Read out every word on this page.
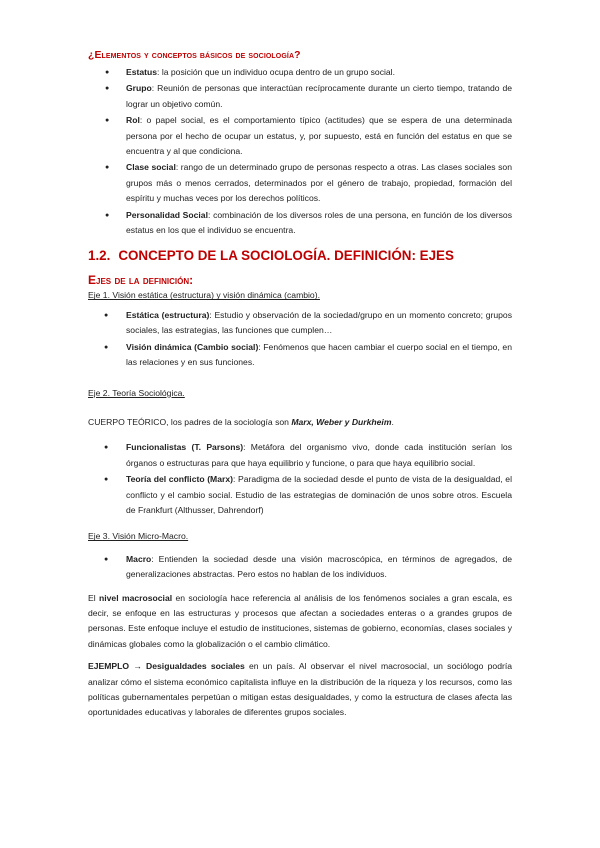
¿Elementos y conceptos básicos de sociología?
● Estatus: la posición que un individuo ocupa dentro de un grupo social.
● Grupo: Reunión de personas que interactúan recíprocamente durante un cierto tiempo, tratando de lograr un objetivo común.
● Rol: o papel social, es el comportamiento típico (actitudes) que se espera de una determinada persona por el hecho de ocupar un estatus, y, por supuesto, está en función del estatus en que se encuentra y al que condiciona.
● Clase social: rango de un determinado grupo de personas respecto a otras. Las clases sociales son grupos más o menos cerrados, determinados por el género de trabajo, propiedad, formación del espíritu y muchas veces por los derechos políticos.
● Personalidad Social: combinación de los diversos roles de una persona, en función de los diversos estatus en los que el individuo se encuentra.
1.2. CONCEPTO DE LA SOCIOLOGÍA. DEFINICIÓN: EJES
Ejes de la definición:

Eje 1. Visión estática (estructura) y visión dinámica (cambio).

● Estática (estructura): Estudio y observación de la sociedad/grupo en un momento concreto; grupos sociales, las estrategias, las funciones que cumplen…
● Visión dinámica (Cambio social): Fenómenos que hacen cambiar el cuerpo social en el tiempo, en las relaciones y en sus funciones.

Eje 2. Teoría Sociológica.

CUERPO TEÓRICO, los padres de la sociología son Marx, Weber y Durkheim.

● Funcionalistas (T. Parsons): Metáfora del organismo vivo, donde cada institución serían los órganos o estructuras para que haya equilibrio y funcione, o para que haya equilibrio social.
● Teoría del conflicto (Marx): Paradigma de la sociedad desde el punto de vista de la desigualdad, el conflicto y el cambio social. Estudio de las estrategias de dominación de unos sobre otros. Escuela de Frankfurt (Althusser, Dahrendorf)

Eje 3. Visión Micro-Macro.

● Macro: Entienden la sociedad desde una visión macroscópica, en términos de agregados, de generalizaciones abstractas. Pero estos no hablan de los individuos.

El nivel macrosocial en sociología hace referencia al análisis de los fenómenos sociales a gran escala, es decir, se enfoque en las estructuras y procesos que afectan a sociedades enteras o a grandes grupos de personas. Este enfoque incluye el estudio de instituciones, sistemas de gobierno, economías, clases sociales y dinámicas globales como la globalización o el cambio climático.

EJEMPLO → Desigualdades sociales en un país. Al observar el nivel macrosocial, un sociólogo podría analizar cómo el sistema económico capitalista influye en la distribución de la riqueza y los recursos, como las políticas gubernamentales perpetúan o mitigan estas desigualdades, y como la estructura de clases afecta las oportunidades educativas y laborales de diferentes grupos sociales.
